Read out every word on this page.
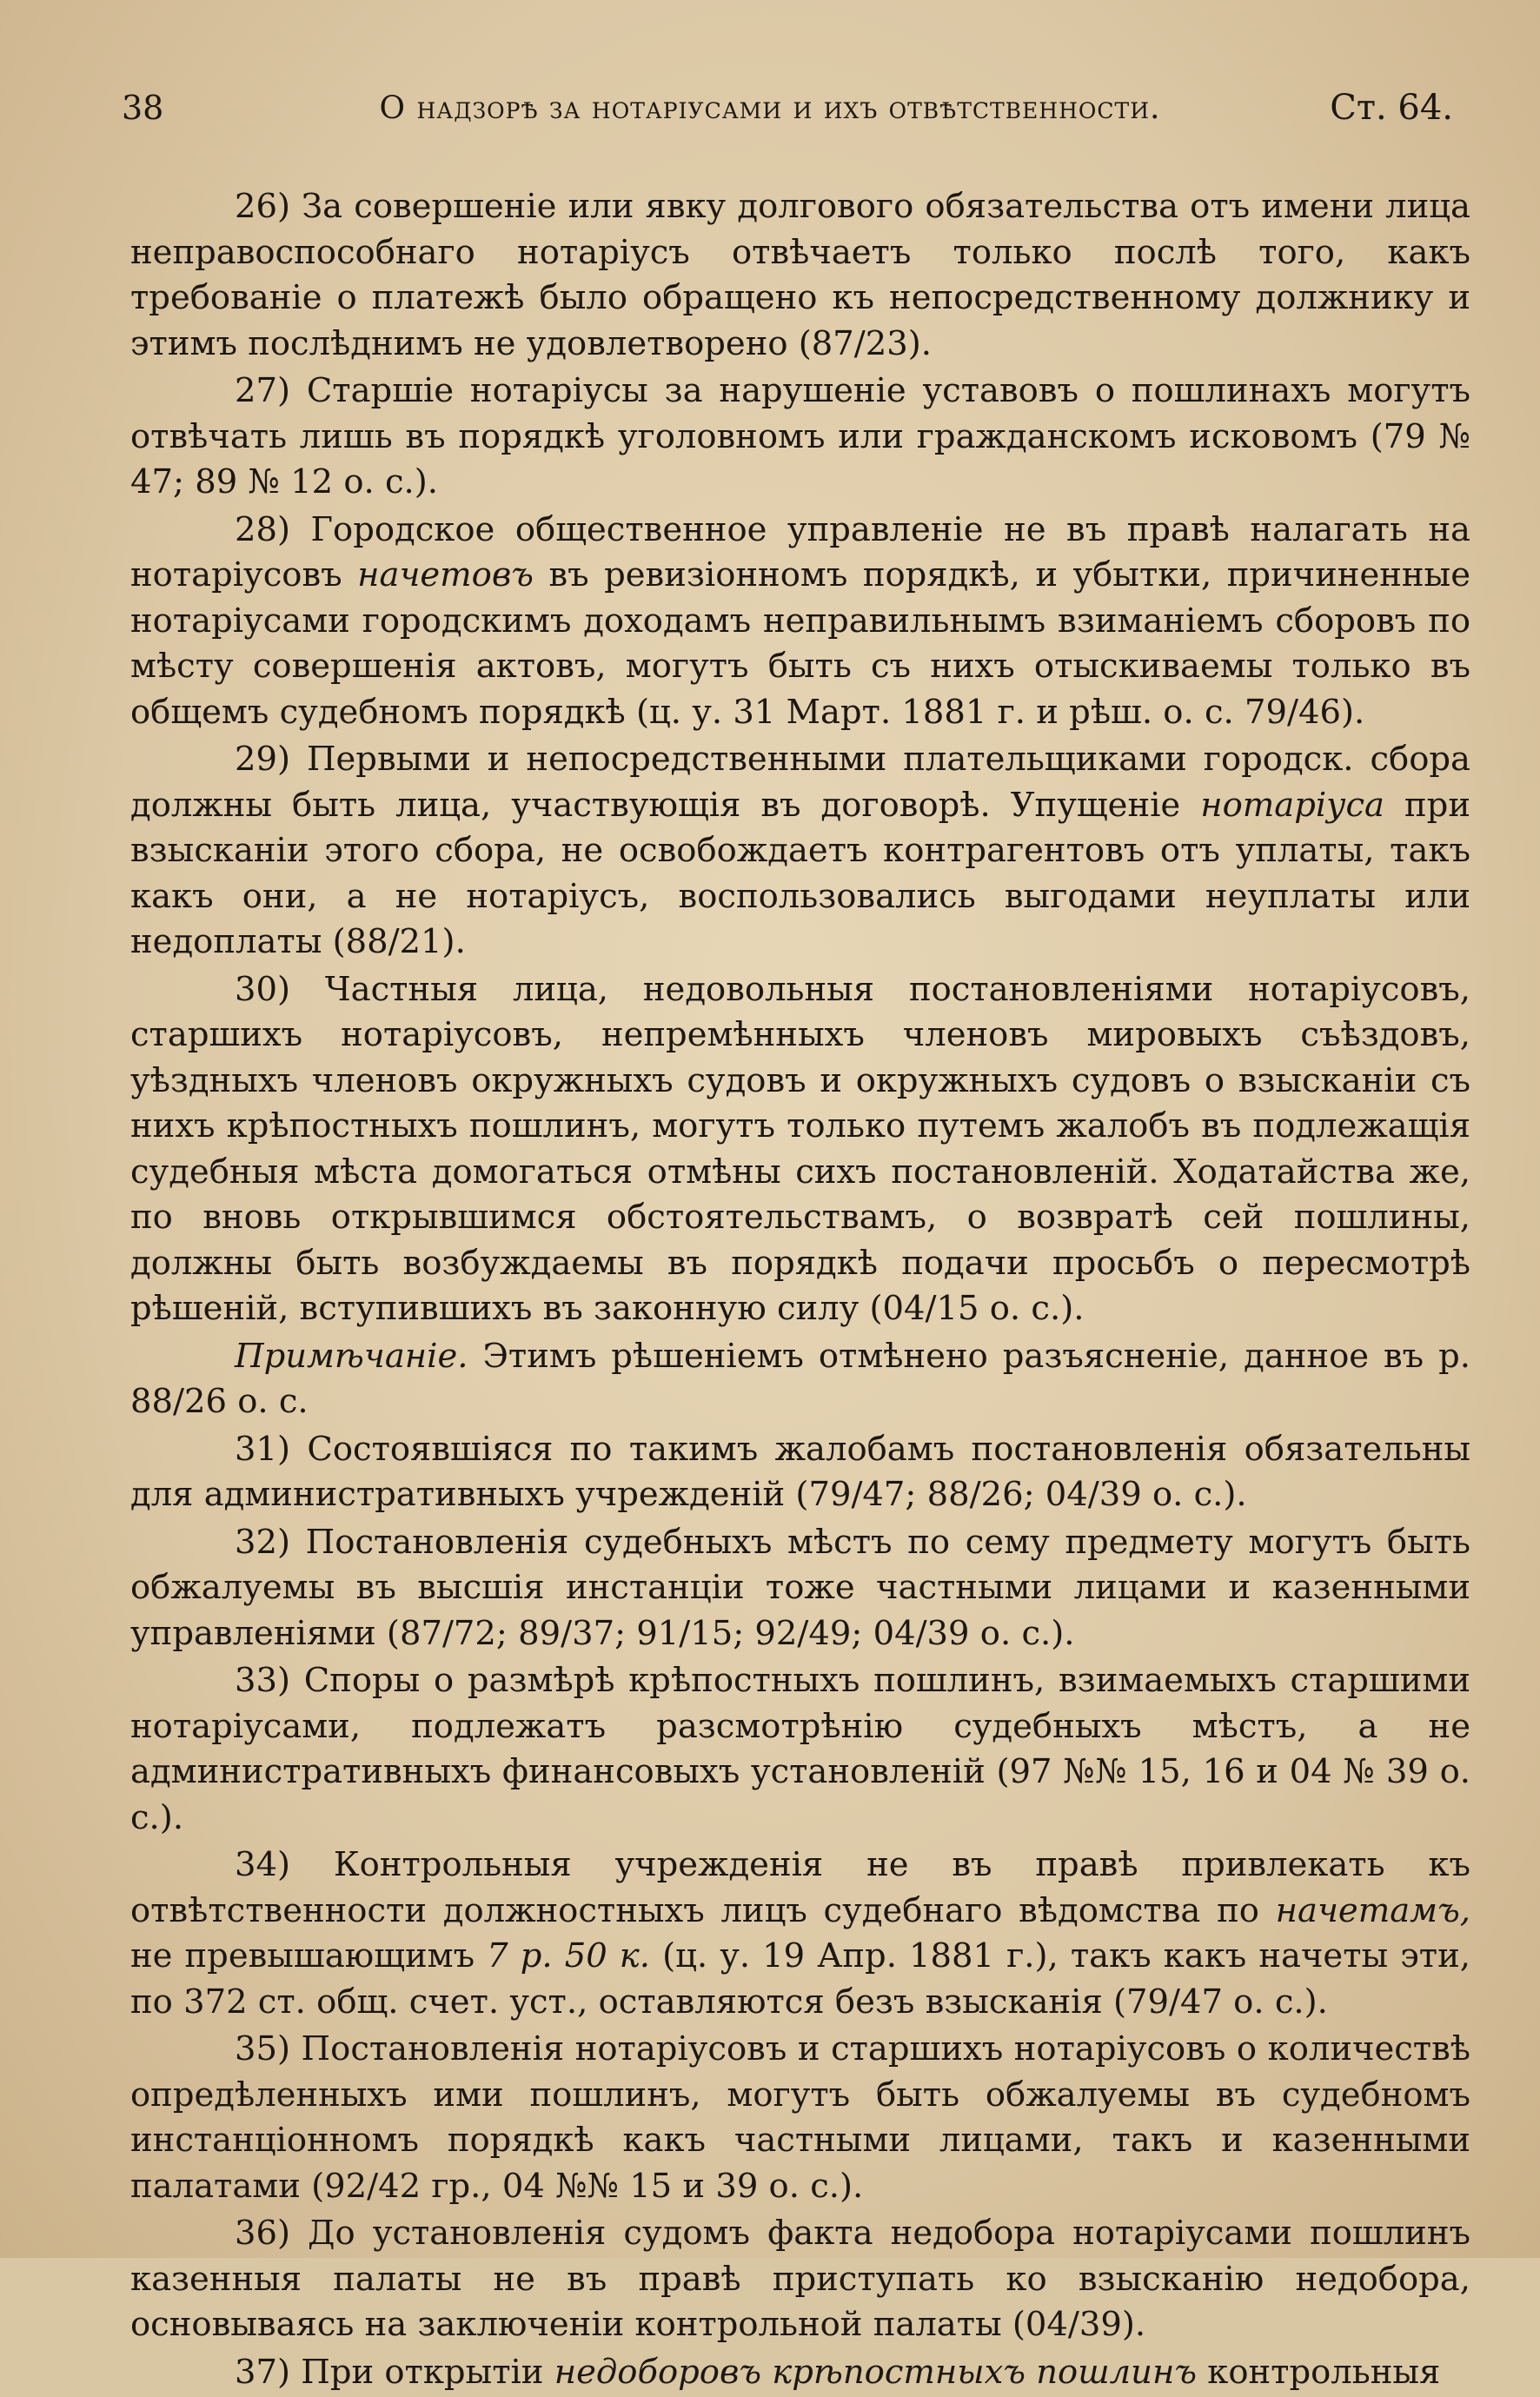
38	О надзорѣ за нотаріусами и ихъ отвѣтственности.	Ст. 64.

26) За совершеніе или явку долгового обязательства отъ имени лица неправоспособнаго нотаріусъ отвѣчаетъ только послѣ того, какъ требованіе о платежѣ было обращено къ непосредственному должнику и этимъ послѣднимъ не удовлетворено (87/23).

27) Старшіе нотаріусы за нарушеніе уставовъ о пошлинахъ могутъ отвѣчать лишь въ порядкѣ уголовномъ или гражданскомъ исковомъ (79 № 47; 89 № 12 о. с.).

28) Городское общественное управленіе не въ правѣ налагать на нотаріусовъ начетовъ въ ревизіонномъ порядкѣ, и убытки, причиненные нотаріусами городскимъ доходамъ неправильнымъ взиманіемъ сборовъ по мѣсту совершенія актовъ, могутъ быть съ нихъ отыскиваемы только въ общемъ судебномъ порядкѣ (ц. у. 31 Март. 1881 г. и рѣш. о. с. 79/46).

29) Первыми и непосредственными плательщиками городск. сбора должны быть лица, участвующія въ договорѣ. Упущеніе нотаріуса при взысканіи этого сбора, не освобождаетъ контрагентовъ отъ уплаты, такъ какъ они, а не нотаріусъ, воспользовались выгодами неуплаты или недоплаты (88/21).

30) Частныя лица, недовольныя постановленіями нотаріусовъ, старшихъ нотаріусовъ, непремѣнныхъ членовъ мировыхъ съѣздовъ, уѣздныхъ членовъ окружныхъ судовъ и окружныхъ судовъ о взысканіи съ нихъ крѣпостныхъ пошлинъ, могутъ только путемъ жалобъ въ подлежащія судебныя мѣста домогаться отмѣны сихъ постановленій. Ходатайства же, по вновь открывшимся обстоятельствамъ, о возвратѣ сей пошлины, должны быть возбуждаемы въ порядкѣ подачи просьбъ о пересмотрѣ рѣшеній, вступившихъ въ законную силу (04/15 о. с.).

Примѣчаніе. Этимъ рѣшеніемъ отмѣнено разъясненіе, данное въ р. 88/26 о. с.

31) Состоявшіяся по такимъ жалобамъ постановленія обязательны для административныхъ учрежденій (79/47; 88/26; 04/39 о. с.).

32) Постановленія судебныхъ мѣстъ по сему предмету могутъ быть обжалуемы въ высшія инстанціи тоже частными лицами и казенными управленіями (87/72; 89/37; 91/15; 92/49; 04/39 о. с.).

33) Споры о размѣрѣ крѣпостныхъ пошлинъ, взимаемыхъ старшими нотаріусами, подлежатъ разсмотрѣнію судебныхъ мѣстъ, а не административныхъ финансовыхъ установленій (97 №№ 15, 16 и 04 № 39 о. с.).

34) Контрольныя учрежденія не въ правѣ привлекать къ отвѣтственности должностныхъ лицъ судебнаго вѣдомства по начетамъ, не превышающимъ 7 р. 50 к. (ц. у. 19 Апр. 1881 г.), такъ какъ начеты эти, по 372 ст. общ. счет. уст., оставляются безъ взысканія (79/47 о. с.).

35) Постановленія нотаріусовъ и старшихъ нотаріусовъ о количествѣ опредѣленныхъ ими пошлинъ, могутъ быть обжалуемы въ судебномъ инстанціонномъ порядкѣ какъ частными лицами, такъ и казенными палатами (92/42 гр., 04 №№ 15 и 39 о. с.).

36) До установленія судомъ факта недобора нотаріусами пошлинъ казенныя палаты не въ правѣ приступать ко взысканію недобора, основываясь на заключеніи контрольной палаты (04/39).

37) При открытіи недоборовъ крѣпостныхъ пошлинъ контрольныя
